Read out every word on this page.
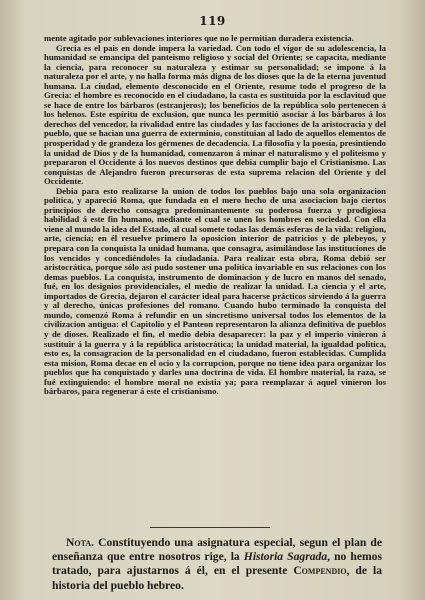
119

mente agitado por sublevaciones interiores que no le permitian duradera existencia.

Grecia es el pais en donde impera la variedad. Con todo el vigor de su adolescencia, la humanidad se emancipa del panteismo religioso y social del Oriente; se capacita, mediante la ciencia, para reconocer su naturaleza y estimar su personalidad; se impone á la naturaleza por el arte, y no halla forma más digna de los dioses que la de la eterna juventud humana. La ciudad, elemento desconocido en el Oriente, resume todo el progreso de la Grecia: el hombre es reconocido en el ciudadano, la casta es sustituida por la esclavitud que se hace de entre los bárbaros (estranjeros); los beneficios de la república solo pertenecen á los helenos. Este espíritu de exclusion, que nunca les permitió asociar á los bárbaros á los derechos del vencedor, la rivalidad entre las ciudades y las facciones de la aristocracia y del pueblo, que se hacian una guerra de exterminio, constituian al lado de aquellos elementos de prosperidad y de grandeza los gérmenes de decadencia. La filosofía y la poesía, presintiendo la unidad de Dios y de la humanidad, comenzaron á minar el naturalismo y el politeismo y prepararon el Occidente á los nuevos destinos que debia cumplir bajo el Cristianismo. Las conquistas de Alejandro fueron precursoras de esta suprema relacion del Oriente y del Occidente.

Debia para esto realizarse la union de todos los pueblos bajo una sola organizacion política, y apareció Roma, que fundada en el mero hecho de una asociacion bajo ciertos principios de derecho consagra predominantemente su poderosa fuerza y prodigiosa habilidad á este fin humano, mediante el cual se unen los hombres en sociedad. Con ella viene al mundo la idea del Estado, al cual somete todas las demás esferas de la vida: religion, arte, ciencia; en él resuelve primero la oposicion interior de patricios y de plebeyos, y prepara con la conquista la unidad humana, que consagra, asimilándose las instituciones de los vencidos y concediéndoles la ciudadanía. Para realizar esta obra, Roma debió ser aristocrática, porque sólo así pudo sostener una política invariable en sus relaciones con los demas pueblos. La conquista, instrumento de dominacion y de lucro en manos del senado, fué, en los designios providenciales, el medio de realizar la unidad. La ciencia y el arte, importados de Grecia, dejaron el carácter ideal para hacerse prácticos sirviendo á la guerra y al derecho, únicas profesiones del romano. Cuando hubo terminado la conquista del mundo, comenzó Roma á refundir en un sincretismo universal todos los elementos de la civilizacion antigua: el Capitolio y el Panteon representaron la alianza definitiva de pueblos y de dioses. Realizado el fin, el medio debia desaparecer: la paz y el imperio vinieron á sustituir á la guerra y á la república aristocrática; la unidad material, la igualdad política, esto es, la consagracion de la personalidad en el ciudadano, fueron establecidas. Cumplida esta mision, Roma decae en el ocio y la corrupcion, porque no tiene idea para organizar los pueblos que ha conquistado y darles una doctrina de vida. El hombre material, la raza, se fué extinguiendo: el hombre moral no existia ya; para reemplazar á aquel vinieron los bárbaros, para regenerar á este el cristianismo.

Nota. Constituyendo una asignatura especial, segun el plan de enseñanza que entre nosotros rige, la Historia Sagrada, no hemos tratado, para ajustarnos á él, en el presente Compendio, de la historia del pueblo hebreo.
